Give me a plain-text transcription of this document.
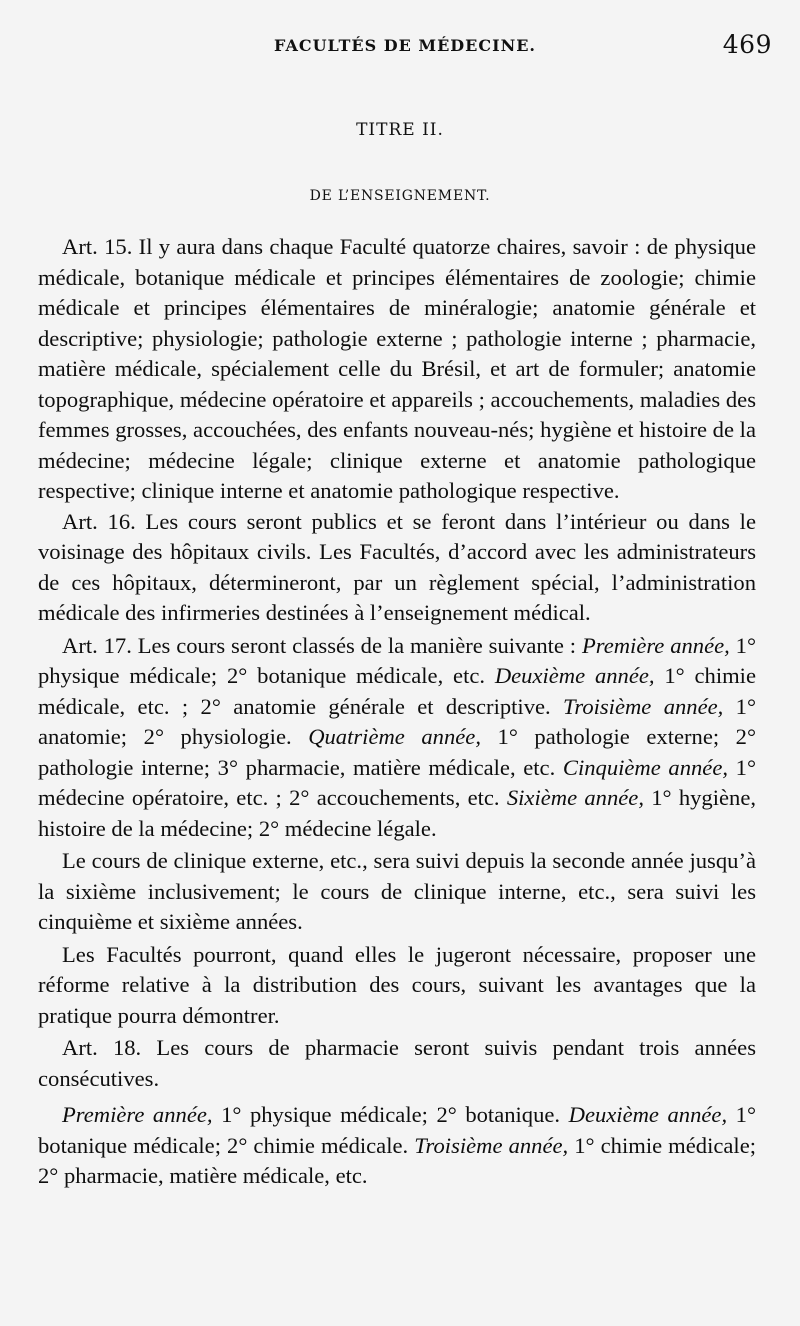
FACULTÉS DE MÉDECINE.	469
TITRE II.
DE L’ENSEIGNEMENT.

Art. 15. Il y aura dans chaque Faculté quatorze chaires, savoir : de physique médicale, botanique médicale et principes élémentaires de zoologie; chimie médicale et principes élémentaires de minéralogie; anatomie générale et descriptive; physiologie; pathologie externe ; pathologie interne ; pharmacie, matière médicale, spécialement celle du Brésil, et art de formuler; anatomie topographique, médecine opératoire et appareils ; accouchements, maladies des femmes grosses, accouchées, des enfants nouveau-nés; hygiène et histoire de la médecine; médecine légale; clinique externe et anatomie pathologique respective; clinique interne et anatomie pathologique respective.

Art. 16. Les cours seront publics et se feront dans l’intérieur ou dans le voisinage des hôpitaux civils. Les Facultés, d’accord avec les administrateurs de ces hôpitaux, détermineront, par un règlement spécial, l’administration médicale des infirmeries destinées à l’enseignement médical.

Art. 17. Les cours seront classés de la manière suivante : Première année, 1° physique médicale; 2° botanique médicale, etc. Deuxième année, 1° chimie médicale, etc. ; 2° anatomie générale et descriptive. Troisième année, 1° anatomie; 2° physiologie. Quatrième année, 1° pathologie externe; 2° pathologie interne; 3° pharmacie, matière médicale, etc. Cinquième année, 1° médecine opératoire, etc. ; 2° accouchements, etc. Sixième année, 1° hygiène, histoire de la médecine; 2° médecine légale.

Le cours de clinique externe, etc., sera suivi depuis la seconde année jusqu’à la sixième inclusivement; le cours de clinique interne, etc., sera suivi les cinquième et sixième années.

Les Facultés pourront, quand elles le jugeront nécessaire, proposer une réforme relative à la distribution des cours, suivant les avantages que la pratique pourra démontrer.

Art. 18. Les cours de pharmacie seront suivis pendant trois années consécutives.

Première année, 1° physique médicale; 2° botanique. Deuxième année, 1° botanique médicale; 2° chimie médicale. Troisième année, 1° chimie médicale; 2° pharmacie, matière médicale, etc.
